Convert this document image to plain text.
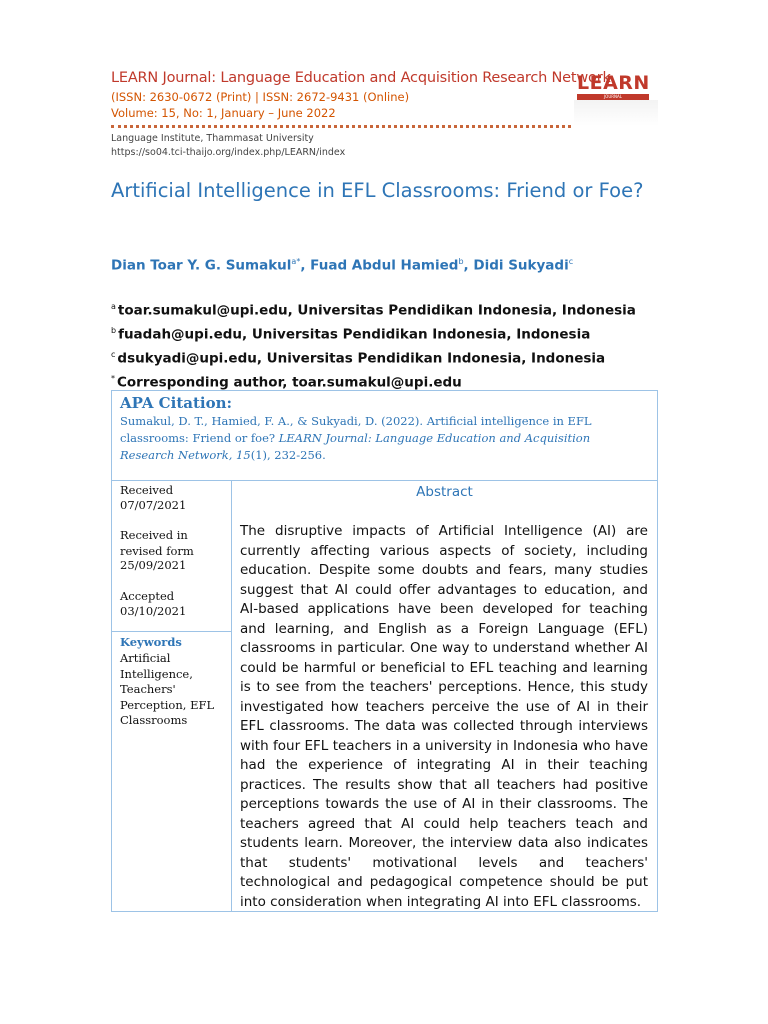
LEARN Journal: Language Education and Acquisition Research Network
(ISSN: 2630-0672 (Print) | ISSN: 2672-9431 (Online)
Volume: 15, No: 1, January – June 2022
Language Institute, Thammasat University
https://so04.tci-thaijo.org/index.php/LEARN/index
LEARN
JOURNAL
Artificial Intelligence in EFL Classrooms: Friend or Foe?
Dian Toar Y. G. Sumakul$^{a*}$, Fuad Abdul Hamied$^b$, Didi Sukyadi$^c$
$^a$ toar.sumakul@upi.edu, Universitas Pendidikan Indonesia, Indonesia
$^b$ fuadah@upi.edu, Universitas Pendidikan Indonesia, Indonesia
$^c$ dsukyadi@upi.edu, Universitas Pendidikan Indonesia, Indonesia
* Corresponding author, toar.sumakul@upi.edu
APA Citation:
Sumakul, D. T., Hamied, F. A., & Sukyadi, D. (2022). Artificial intelligence in EFL classrooms: Friend or foe? LEARN Journal: Language Education and Acquisition Research Network, 15(1), 232-256.
Received
07/07/2021
Received in revised form
25/09/2021
Accepted
03/10/2021
Keywords
Artificial Intelligence, Teachers' Perception, EFL Classrooms
Abstract
The disruptive impacts of Artificial Intelligence (AI) are currently affecting various aspects of society, including education. Despite some doubts and fears, many studies suggest that AI could offer advantages to education, and AI-based applications have been developed for teaching and learning, and English as a Foreign Language (EFL) classrooms in particular. One way to understand whether AI could be harmful or beneficial to EFL teaching and learning is to see from the teachers' perceptions. Hence, this study investigated how teachers perceive the use of AI in their EFL classrooms. The data was collected through interviews with four EFL teachers in a university in Indonesia who have had the experience of integrating AI in their teaching practices. The results show that all teachers had positive perceptions towards the use of AI in their classrooms. The teachers agreed that AI could help teachers teach and students learn. Moreover, the interview data also indicates that students' motivational levels and teachers' technological and pedagogical competence should be put into consideration when integrating AI into EFL classrooms.
